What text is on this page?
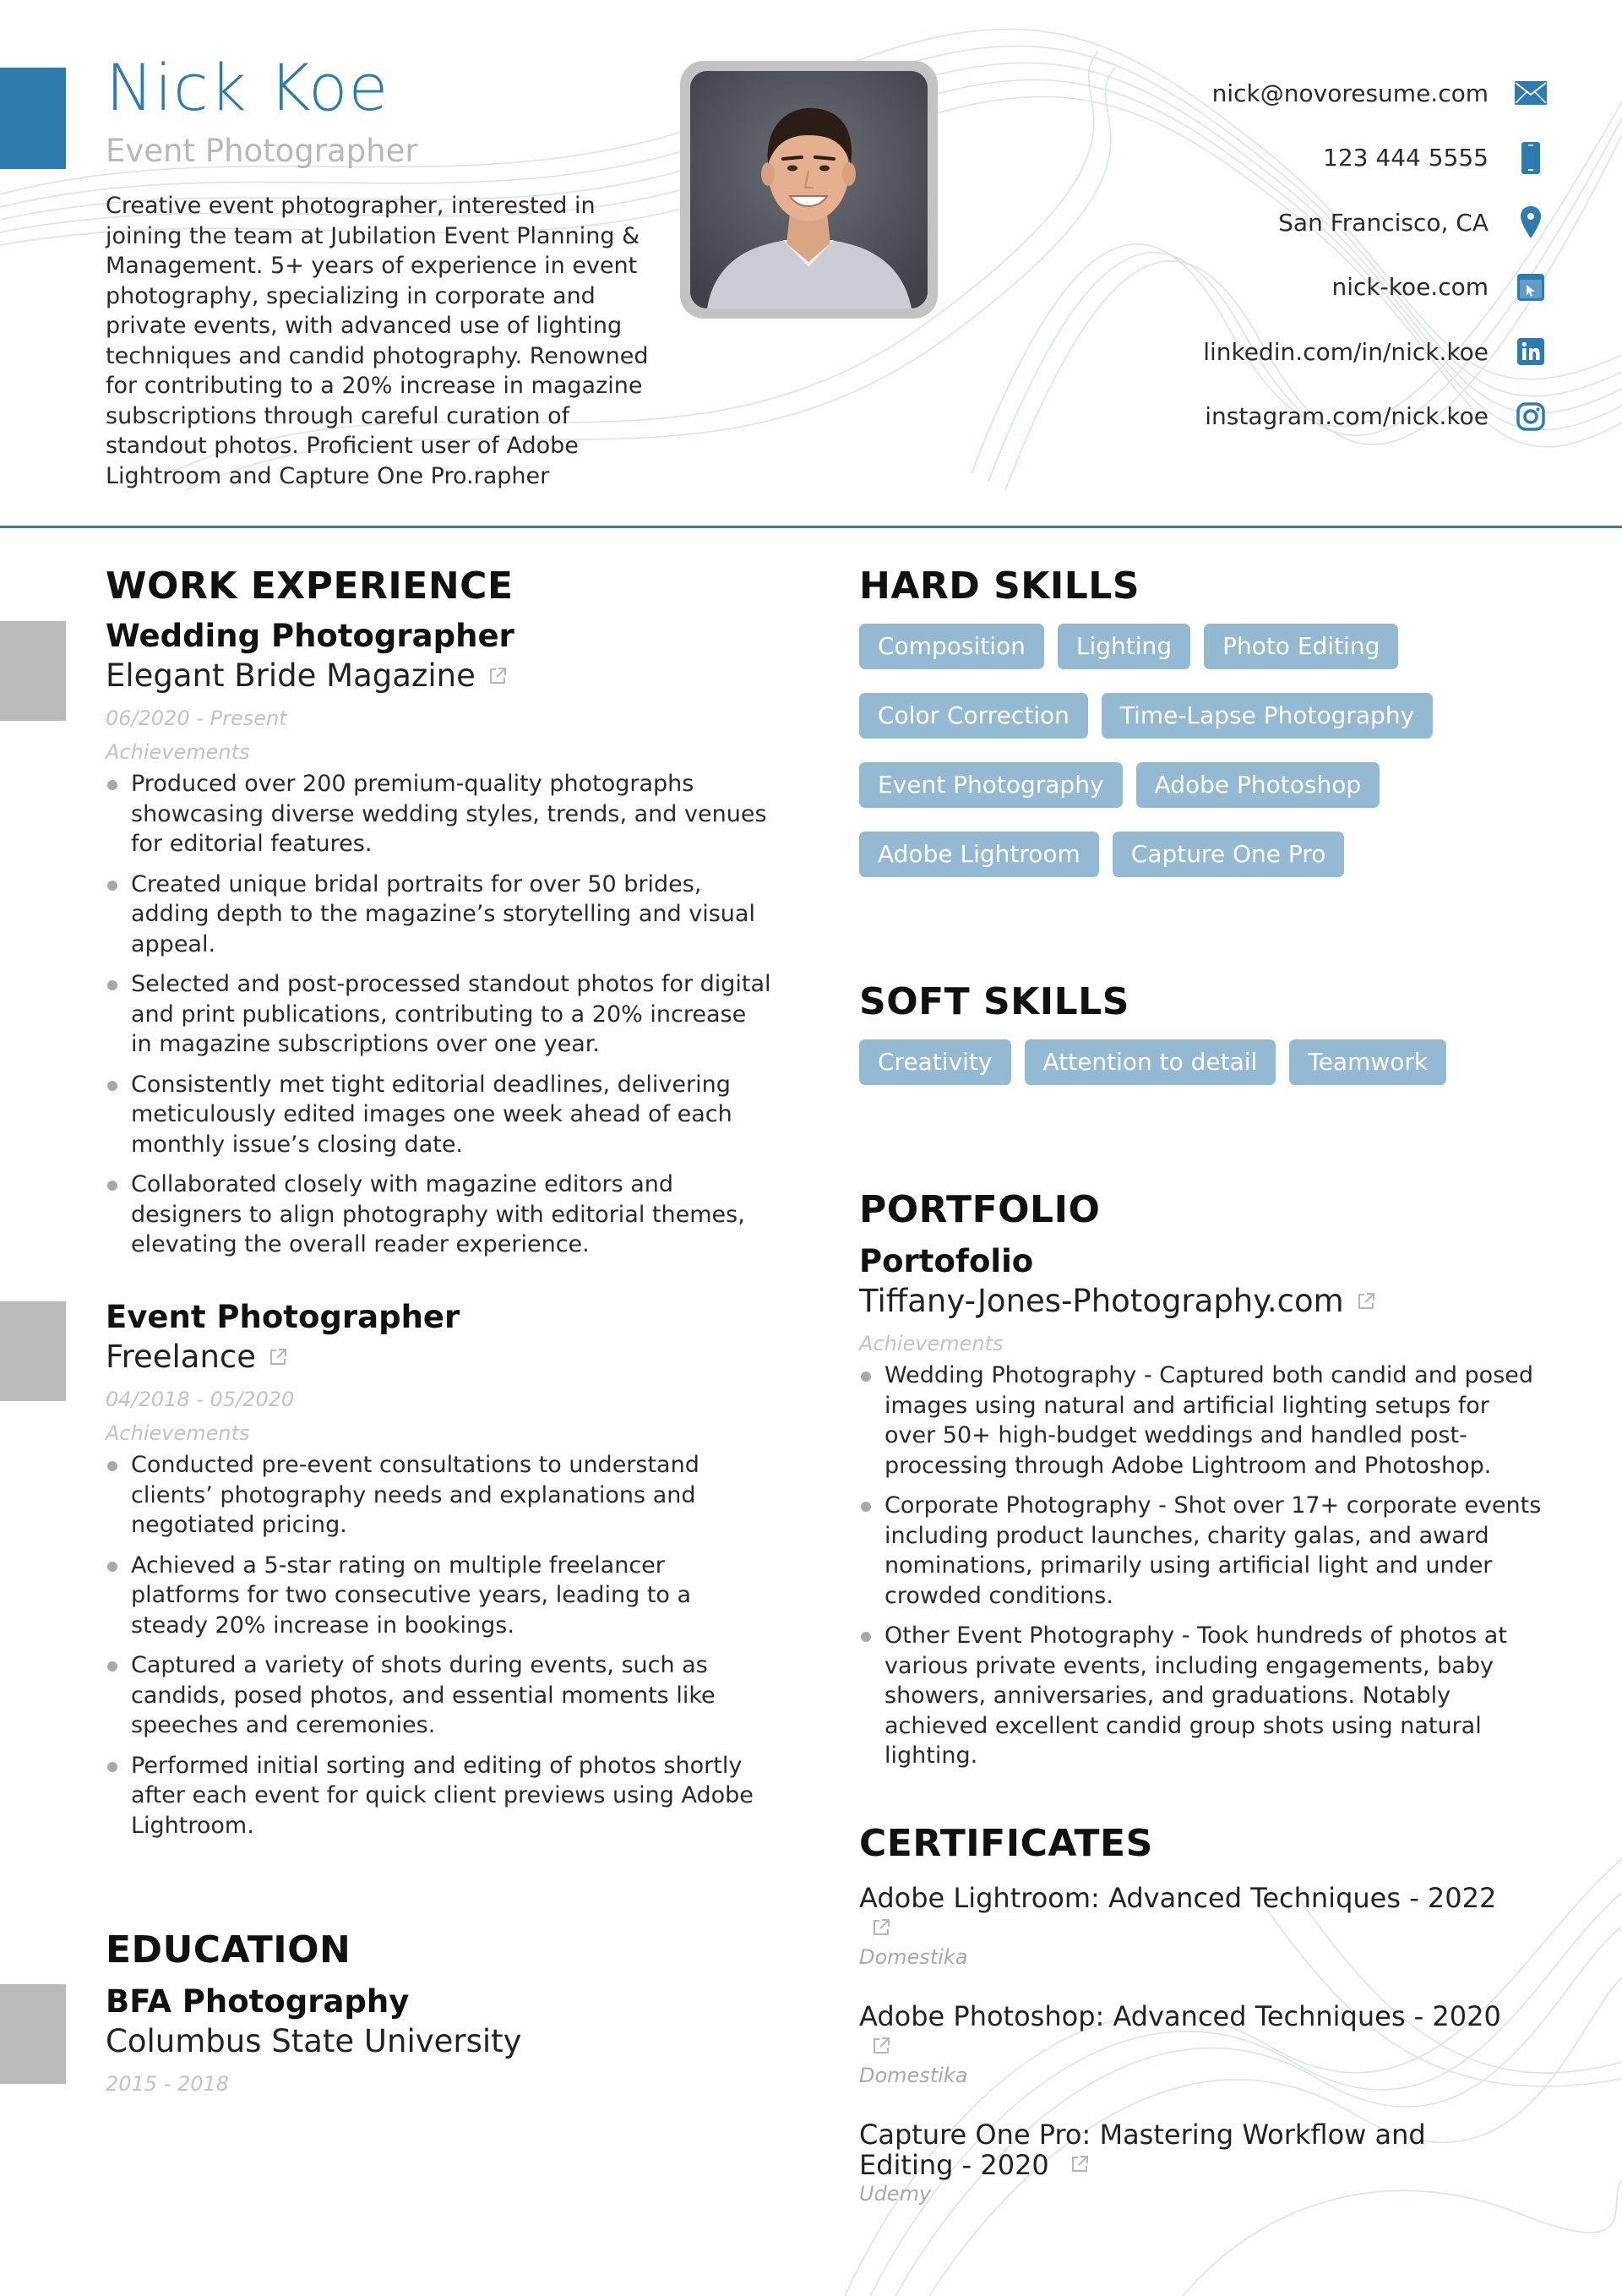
Nick Koe
Event Photographer
Creative event photographer, interested in joining the team at Jubilation Event Planning & Management. 5+ years of experience in event photography, specializing in corporate and private events, with advanced use of lighting techniques and candid photography. Renowned for contributing to a 20% increase in magazine subscriptions through careful curation of standout photos. Proficient user of Adobe Lightroom and Capture One Pro.rapher
nick@novoresume.com
123 444 5555
San Francisco, CA
nick-koe.com
linkedin.com/in/nick.koe
instagram.com/nick.koe
WORK EXPERIENCE
Wedding Photographer
Elegant Bride Magazine
06/2020 - Present
Achievements
Produced over 200 premium-quality photographs showcasing diverse wedding styles, trends, and venues for editorial features.
Created unique bridal portraits for over 50 brides, adding depth to the magazine’s storytelling and visual appeal.
Selected and post-processed standout photos for digital and print publications, contributing to a 20% increase in magazine subscriptions over one year.
Consistently met tight editorial deadlines, delivering meticulously edited images one week ahead of each monthly issue’s closing date.
Collaborated closely with magazine editors and designers to align photography with editorial themes, elevating the overall reader experience.
Event Photographer
Freelance
04/2018 - 05/2020
Achievements
Conducted pre-event consultations to understand clients’ photography needs and explanations and negotiated pricing.
Achieved a 5-star rating on multiple freelancer platforms for two consecutive years, leading to a steady 20% increase in bookings.
Captured a variety of shots during events, such as candids, posed photos, and essential moments like speeches and ceremonies.
Performed initial sorting and editing of photos shortly after each event for quick client previews using Adobe Lightroom.
EDUCATION
BFA Photography
Columbus State University
2015 - 2018
HARD SKILLS
Composition	Lighting	Photo Editing
Color Correction	Time-Lapse Photography
Event Photography	Adobe Photoshop
Adobe Lightroom	Capture One Pro
SOFT SKILLS
Creativity	Attention to detail	Teamwork
PORTFOLIO
Portofolio
Tiffany-Jones-Photography.com
Achievements
Wedding Photography - Captured both candid and posed images using natural and artificial lighting setups for over 50+ high-budget weddings and handled post-processing through Adobe Lightroom and Photoshop.
Corporate Photography - Shot over 17+ corporate events including product launches, charity galas, and award nominations, primarily using artificial light and under crowded conditions.
Other Event Photography - Took hundreds of photos at various private events, including engagements, baby showers, anniversaries, and graduations. Notably achieved excellent candid group shots using natural lighting.
CERTIFICATES
Adobe Lightroom: Advanced Techniques - 2022
Domestika
Adobe Photoshop: Advanced Techniques - 2020
Domestika
Capture One Pro: Mastering Workflow and Editing - 2020
Udemy
